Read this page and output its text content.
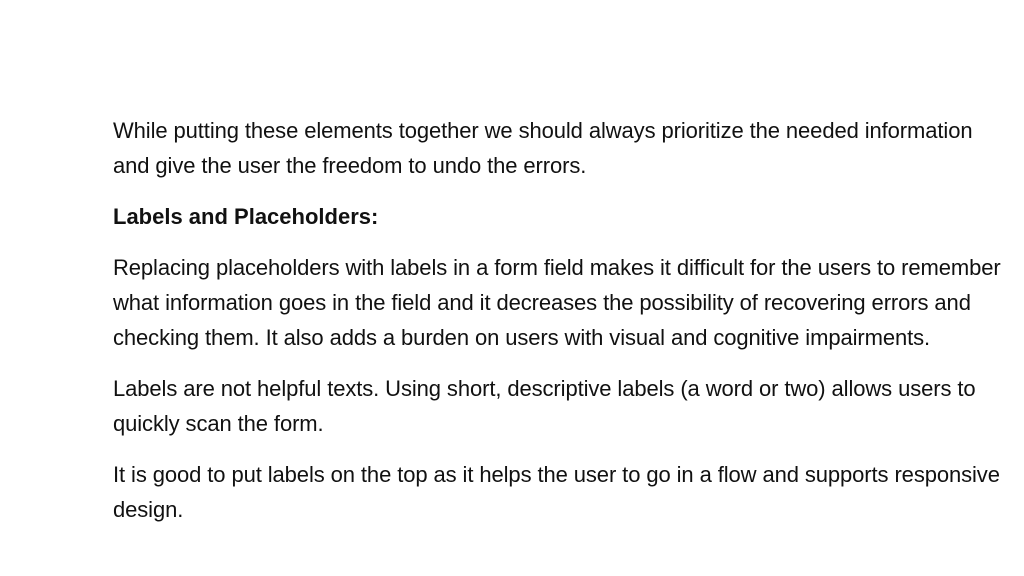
While putting these elements together we should always prioritize the needed information and give the user the freedom to undo the errors.

Labels and Placeholders:

Replacing placeholders with labels in a form field makes it difficult for the users to remember what information goes in the field and it decreases the possibility of recovering errors and checking them. It also adds a burden on users with visual and cognitive impairments.

Labels are not helpful texts. Using short, descriptive labels (a word or two) allows users to quickly scan the form.

It is good to put labels on the top as it helps the user to go in a flow and supports responsive design.
